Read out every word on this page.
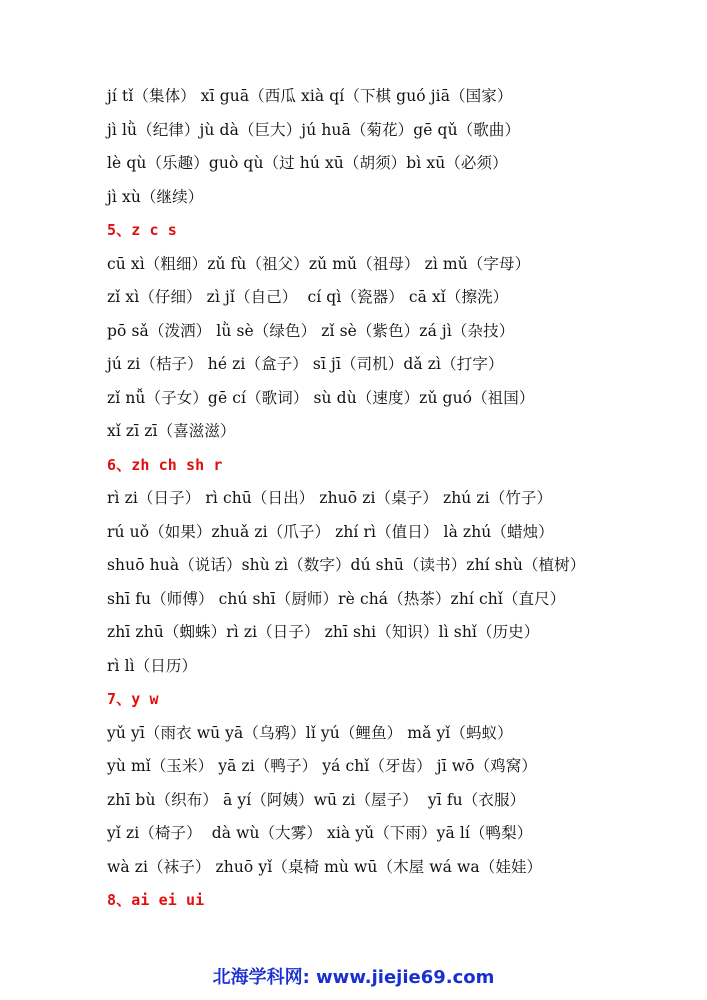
jí tǐ（集体） xī guā（西瓜 xià qí（下棋 guó jiā（国家）
jì lǜ（纪律）jù dà（巨大）jú huā（菊花）gē qǔ（歌曲）
lè qù（乐趣）guò qù（过 hú xū（胡须）bì xū（必须）
jì xù（继续）
5、z c s
cū xì（粗细）zǔ fù（祖父）zǔ mǔ（祖母） zì mǔ（字母）
zǐ xì（仔细） zì jǐ（自己）  cí qì（瓷器） cā xǐ（擦洗）
pō sǎ（泼洒） lǜ sè（绿色） zǐ sè（紫色）zá jì（杂技）
jú zi（桔子） hé zi（盒子） sī jī（司机）dǎ zì（打字）
zǐ nǚ（子女）gē cí（歌词） sù dù（速度）zǔ guó（祖国）
xǐ zī zī（喜滋滋）
6、zh ch sh r
rì zi（日子） rì chū（日出） zhuō zi（桌子） zhú zi（竹子）
rú uǒ（如果）zhuǎ zi（爪子） zhí rì（值日） là zhú（蜡烛）
shuō huà（说话）shù zì（数字）dú shū（读书）zhí shù（植树）
shī fu（师傅） chú shī（厨师）rè chá（热茶）zhí chǐ（直尺）
zhī zhū（蜘蛛）rì zi（日子） zhī shi（知识）lì shǐ（历史）
rì lì（日历）
7、y w
yǔ yī（雨衣 wū yā（乌鸦）lǐ yú（鲤鱼） mǎ yǐ（蚂蚁）
yù mǐ（玉米） yā zi（鸭子） yá chǐ（牙齿） jī wō（鸡窝）
zhī bù（织布） ā yí（阿姨）wū zi（屋子）  yī fu（衣服）
yǐ zi（椅子）  dà wù（大雾） xià yǔ（下雨）yā lí（鸭梨）
wà zi（袜子） zhuō yǐ（桌椅 mù wū（木屋 wá wa（娃娃）
8、ai ei ui
北海学科网: www.jiejie69.com
